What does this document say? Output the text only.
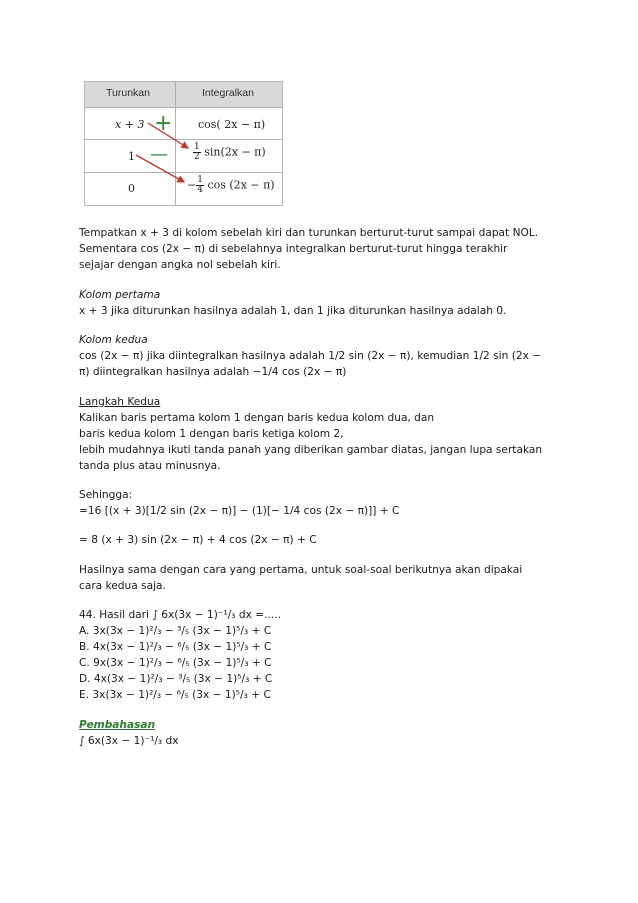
Turunkan	Integralkan
x + 3	cos( 2x − π)
1	$\frac{1}{2} \sin(2x - \pi)$
0	− $\frac{1}{4}$ cos (2x − π)
+
—
Tempatkan x + 3 di kolom sebelah kiri dan turunkan berturut-turut sampai dapat NOL.
Sementara cos (2x − π) di sebelahnya integralkan berturut-turut hingga terakhir
sejajar dengan angka nol sebelah kiri.
Kolom pertama
x + 3 jika diturunkan hasilnya adalah 1, dan 1 jika diturunkan hasilnya adalah 0.
Kolom kedua
cos (2x − π) jika diintegralkan hasilnya adalah 1/2 sin (2x − π), kemudian 1/2 sin (2x −
π) diintegralkan hasilnya adalah −1/4 cos (2x − π)
Langkah Kedua
Kalikan baris pertama kolom 1 dengan baris kedua kolom dua, dan
baris kedua kolom 1 dengan baris ketiga kolom 2,
lebih mudahnya ikuti tanda panah yang diberikan gambar diatas, jangan lupa sertakan
tanda plus atau minusnya.
Sehingga:
=16 [(x + 3)[1/2 sin (2x − π)] − (1)[− 1/4 cos (2x − π)]] + C
= 8 (x + 3) sin (2x − π) + 4 cos (2x − π) + C
Hasilnya sama dengan cara yang pertama, untuk soal-soal berikutnya akan dipakai
cara kedua saja.
44. Hasil dari ∫ 6x(3x − 1)⁻¹/₃ dx =.....
A. 3x(3x − 1)²/₃ − ³/₅ (3x − 1)⁵/₃ + C
B. 4x(3x − 1)²/₃ − ⁶/₅ (3x − 1)⁵/₃ + C
C. 9x(3x − 1)²/₃ − ⁶/₅ (3x − 1)⁵/₃ + C
D. 4x(3x − 1)²/₃ − ³/₅ (3x − 1)⁵/₃ + C
E. 3x(3x − 1)²/₃ − ⁶/₅ (3x − 1)⁵/₃ + C
Pembahasan
∫ 6x(3x − 1)⁻¹/₃ dx
